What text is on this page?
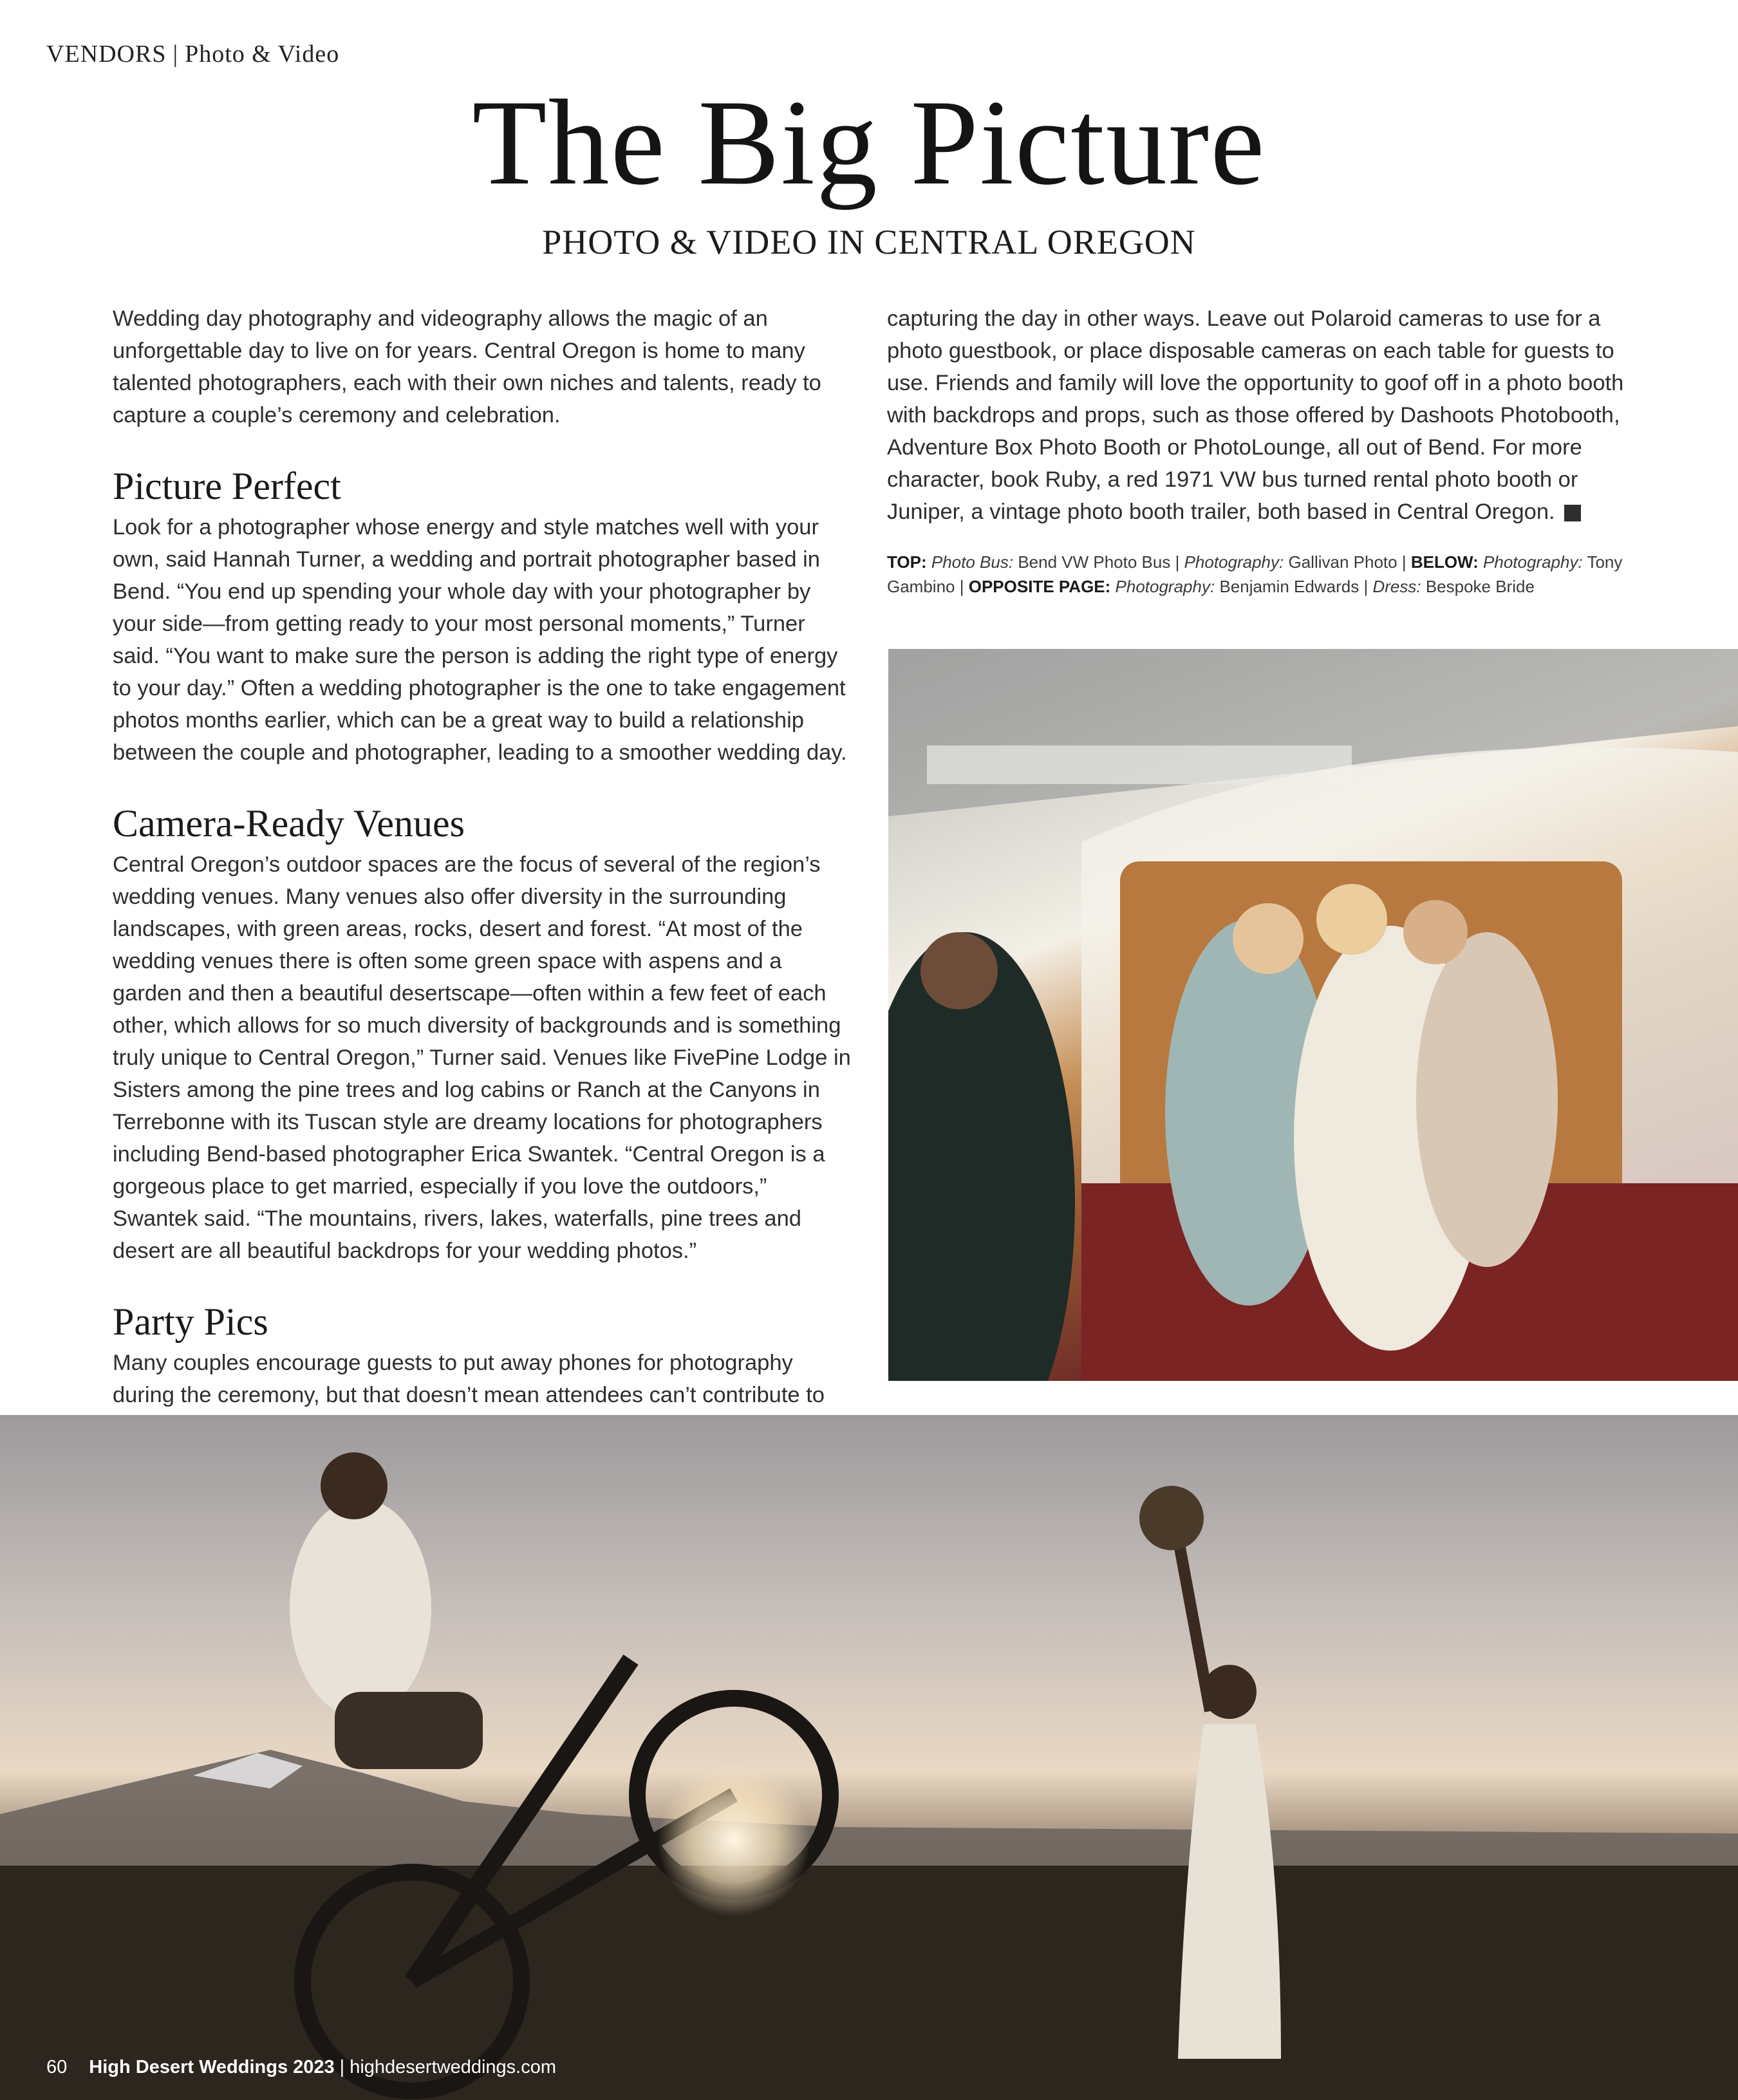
VENDORS | Photo & Video
The Big Picture
PHOTO & VIDEO IN CENTRAL OREGON

Wedding day photography and videography allows the magic of an unforgettable day to live on for years. Central Oregon is home to many talented photographers, each with their own niches and talents, ready to capture a couple’s ceremony and celebration.

Picture Perfect

Look for a photographer whose energy and style matches well with your own, said Hannah Turner, a wedding and portrait photographer based in Bend. “You end up spending your whole day with your photographer by your side—from getting ready to your most personal moments,” Turner said. “You want to make sure the person is adding the right type of energy to your day.” Often a wedding photographer is the one to take engagement photos months earlier, which can be a great way to build a relationship between the couple and photographer, leading to a smoother wedding day.

Camera-Ready Venues

Central Oregon’s outdoor spaces are the focus of several of the region’s wedding venues. Many venues also offer diversity in the surrounding landscapes, with green areas, rocks, desert and forest. “At most of the wedding venues there is often some green space with aspens and a garden and then a beautiful desertscape—often within a few feet of each other, which allows for so much diversity of backgrounds and is something truly unique to Central Oregon,” Turner said. Venues like FivePine Lodge in Sisters among the pine trees and log cabins or Ranch at the Canyons in Terrebonne with its Tuscan style are dreamy locations for photographers including Bend-based photographer Erica Swantek. “Central Oregon is a gorgeous place to get married, especially if you love the outdoors,” Swantek said. “The mountains, rivers, lakes, waterfalls, pine trees and desert are all beautiful backdrops for your wedding photos.”

Party Pics

Many couples encourage guests to put away phones for photography during the ceremony, but that doesn’t mean attendees can’t contribute to

capturing the day in other ways. Leave out Polaroid cameras to use for a photo guestbook, or place disposable cameras on each table for guests to use. Friends and family will love the opportunity to goof off in a photo booth with backdrops and props, such as those offered by Dashoots Photobooth, Adventure Box Photo Booth or PhotoLounge, all out of Bend. For more character, book Ruby, a red 1971 VW bus turned rental photo booth or Juniper, a vintage photo booth trailer, both based in Central Oregon.

TOP: Photo Bus: Bend VW Photo Bus | Photography: Gallivan Photo | BELOW: Photography: Tony Gambino | OPPOSITE PAGE: Photography: Benjamin Edwards | Dress: Bespoke Bride
60 High Desert Weddings 2023 | highdesertweddings.com
